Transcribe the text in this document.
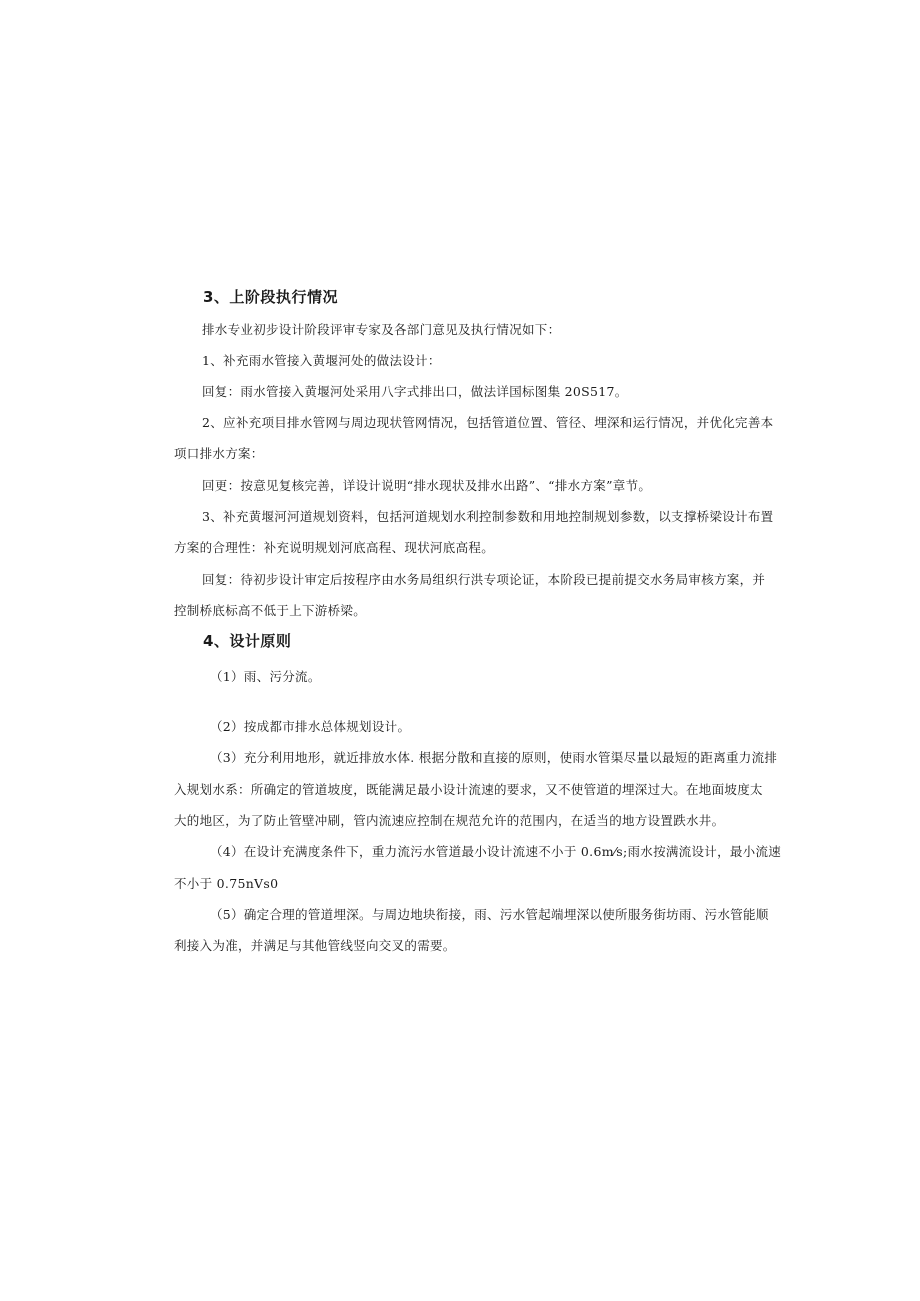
3、上阶段执行情况
排水专业初步设计阶段评审专家及各部门意见及执行情况如下：
1、补充雨水管接入黄堰河处的做法设计：
回复：雨水管接入黄堰河处采用八字式排出口，做法详国标图集 20S517。
2、应补充项目排水管网与周边现状管网情况，包括管道位置、管径、埋深和运行情况，并优化完善本
项口排水方案：
回更：按意见复核完善，详设计说明“排水现状及排水出路”、“排水方案”章节。
3、补充黄堰河河道规划资料，包括河道规划水利控制参数和用地控制规划参数，以支撑桥梁设计布置
方案的合理性：补充说明规划河底高程、现状河底高程。
回复：待初步设计审定后按程序由水务局组织行洪专项论证，本阶段已提前提交水务局审核方案，并
控制桥底标高不低于上下游桥梁。
4、设计原则
（1）雨、污分流。
（2）按成都市排水总体规划设计。
（3）充分利用地形，就近排放水体. 根据分散和直接的原则，使雨水管渠尽量以最短的距离重力流排
入规划水系：所确定的管道坡度，既能满足最小设计流速的要求，又不使管道的埋深过大。在地面坡度太
大的地区，为了防止管壁冲刷，管内流速应控制在规范允许的范围内，在适当的地方设置跌水井。
（4）在设计充满度条件下，重力流污水管道最小设计流速不小于 0.6m⁄s;雨水按满流设计，最小流速
不小于 0.75nVs0
（5）确定合理的管道埋深。与周边地块衔接，雨、污水管起端埋深以使所服务街坊雨、污水管能顺
利接入为准，并满足与其他管线竖向交叉的需要。
